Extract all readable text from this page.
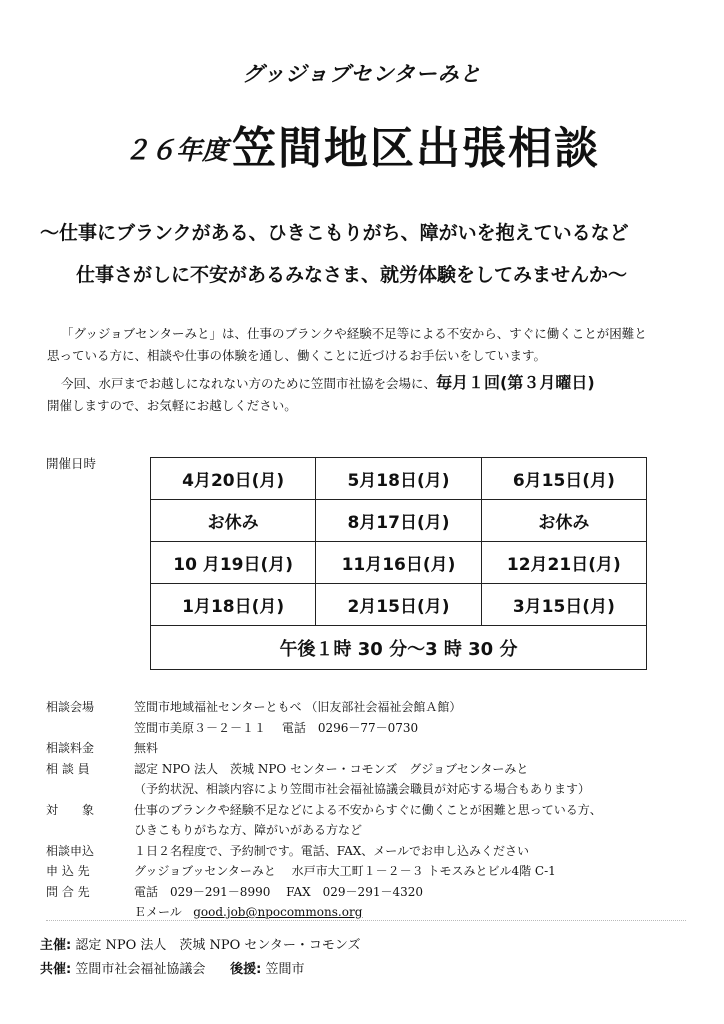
グッジョブセンターみと
２６年度笠間地区出張相談
～仕事にブランクがある、ひきこもりがち、障がいを抱えているなど
仕事さがしに不安があるみなさま、就労体験をしてみませんか～
「グッジョブセンターみと」は、仕事のブランクや経験不足等による不安から、すぐに働くことが困難と
思っている方に、相談や仕事の体験を通し、働くことに近づけるお手伝いをしています。
今回、水戸までお越しになれない方のために笠間市社協を会場に、毎月１回(第３月曜日)
開催しますので、お気軽にお越しください。
開催日時
4月20日(月)	5月18日(月)	6月15日(月)
お休み	8月17日(月)	お休み
10 月19日(月)	11月16日(月)	12月21日(月)
1月18日(月)	2月15日(月)	3月15日(月)
午後１時 30 分～3 時 30 分		
相談会場	笠間市地域福祉センターともべ （旧友部社会福祉会館Ａ館）
笠間市美原３－２－１１　 電話　0296－77－0730
相談料金	無料
相 談 員	認定 NPO 法人　茨城 NPO センター・コモンズ　グジョブセンターみと
（予約状況、相談内容により笠間市社会福祉協議会職員が対応する場合もあります）
対　　象	仕事のブランクや経験不足などによる不安からすぐに働くことが困難と思っている方、
ひきこもりがちな方、障がいがある方など
相談申込	１日２名程度で、予約制です。電話、FAX、メールでお申し込みください
申 込 先	グッジョブッセンターみと　 水戸市大工町１－２－３ トモスみとビル4階 C-1
問 合 先	電話　029－291－8990　 FAX　029－291－4320
Ｅメール good.job@npocommons.org
主催: 認定 NPO 法人　茨城 NPO センター・コモンズ
共催: 笠間市社会福祉協議会 後援: 笠間市
